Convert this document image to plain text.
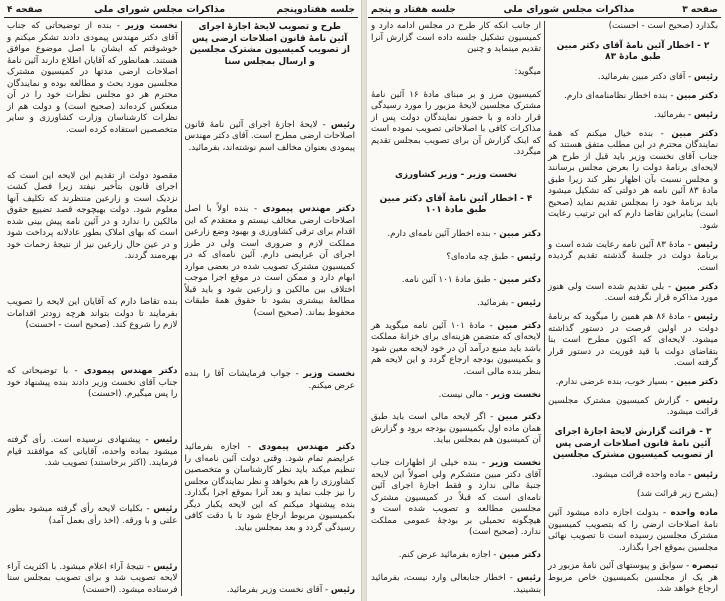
صفحه ۳
مذاکرات مجلس شورای ملی
جلسه هفتاد و پنجم

بگذارد (صحیح است - احسنت)

۲ - اخطار آئین نامهٔ آقای دکتر مبین طبق مادهٔ ۸۳

رئیس - آقای دکتر مبین بفرمائید.

دکتر مبین - بنده اخطار نظامنامه‌ای دارم.

رئیس - بفرمائید.

دکتر مبین - بنده خیال میکنم که همهٔ نمایندگان محترم در این مطلب متفق هستند که جناب آقای نخست وزیر باید قبل از طرح هر لایحه‌ای برنامهٔ دولت را بعرض مجلس برسانند و مجلس نسبت بآن اظهار نظر کند زیرا طبق مادهٔ ۸۳ آئین نامه هر دولتی که تشکیل میشود باید برنامهٔ خود را بمجلس تقدیم نماید (صحیح است) بنابراین تقاضا دارم که این ترتیب رعایت شود.

رئیس - مادهٔ ۸۳ آئین نامه رعایت شده است و برنامهٔ دولت در جلسهٔ گذشته تقدیم گردیده است.

دکتر مبین - بلی تقدیم شده است ولی هنوز مورد مذاکره قرار نگرفته است.

رئیس - مادهٔ ۸۶ هم همین را میگوید که برنامهٔ دولت در اولین فرصت در دستور گذاشته میشود. لایحه‌ای که اکنون مطرح است بنا بتقاضای دولت با قید فوریت در دستور قرار گرفته است.

دکتر مبین - بسیار خوب، بنده عرضی ندارم.

رئیس - گزارش کمیسیون مشترک مجلسین قرائت میشود.

۳ - قرائت گزارش لایحهٔ اجازهٔ اجرای آئین نامهٔ قانون اصلاحات ارضی پس از تصویب کمیسیون مشترک مجلسین

رئیس - ماده واحده قرائت میشود.

(بشرح زیر قرائت شد)

ماده واحده - بدولت اجازه داده میشود آئین نامهٔ اصلاحات ارضی را که بتصویب کمیسیون مشترک مجلسین رسیده است تا تصویب نهائی مجلسین بموقع اجرا بگذارد.

تبصره - سوابق و پیوستهای آئین نامهٔ مزبور در هر یک از مجلسین بکمیسیون خاص مربوط ارجاع خواهد شد.

از جانب آنکه کار طرح در مجلس ادامه دارد و کمیسیون تشکیل جلسه داده است گزارش آنرا تقدیم مینماید و چنین

میگوید:

کمیسیون مرز و بر مبنای مادهٔ ۱۶ آئین نامهٔ مشترک مجلسین لایحهٔ مزبور را مورد رسیدگی قرار داده و با حضور نمایندگان دولت پس از مذاکرات کافی با اصلاحاتی تصویب نموده است که اینک گزارش آن برای تصویب بمجلس تقدیم میگردد.

نخست وزیر - وزیر کشاورزی

۴ - اخطار آئین نامهٔ آقای دکتر مبین طبق مادهٔ ۱۰۱

دکتر مبین - بنده اخطار آئین نامه‌ای دارم.

رئیس - طبق چه ماده‌ای؟

دکتر مبین - طبق مادهٔ ۱۰۱ آئین نامه.

رئیس - بفرمائید.

دکتر مبین - مادهٔ ۱۰۱ آئین نامه میگوید هر لایحه‌ای که متضمن هزینه‌ای برای خزانهٔ مملکت باشد باید منبع درآمد آن در خود لایحه معین شود و بکمیسیون بودجه ارجاع گردد و این لایحه هم بنظر بنده مالی است.

نخست وزیر - مالی نیست.

دکتر مبین - اگر لایحه مالی است باید طبق همان ماده اول بکمیسیون بودجه برود و گزارش آن کمیسیون هم بمجلس بیاید.

نخست وزیر - بنده خیلی از اظهارات جناب آقای دکتر مبین متشکرم ولی اصولاً این لایحه جنبهٔ مالی ندارد و فقط اجازهٔ اجرای آئین نامه‌ای است که قبلاً در کمیسیون مشترک مجلسین مطالعه و تصویب شده است و هیچگونه تحمیلی بر بودجهٔ عمومی مملکت ندارد. (صحیح است)

دکتر مبین - اجازه بفرمائید عرض کنم.

رئیس - اخطار جنابعالی وارد نیست، بفرمائید بنشینید.

جلسه هفتادوپنجم
مذاکرات مجلس شورای ملی
صفحه ۴
طرح و تصویب لایحهٔ اجازهٔ اجرای آئین نامهٔ قانون اصلاحات ارضی پس از تصویب کمیسیون مشترک مجلسین و ارسال بمجلس سنا

رئیس - لایحهٔ اجازهٔ اجرای آئین نامهٔ قانون اصلاحات ارضی مطرح است. آقای دکتر مهندس پیمودی بعنوان مخالف اسم نوشته‌اند، بفرمائید.

دکتر مهندس پیمودی - بنده اولاً با اصل اصلاحات ارضی مخالف نیستم و معتقدم که این اقدام برای ترقی کشاورزی و بهبود وضع زارعین مملکت لازم و ضروری است ولی در طرز اجرای آن عرایضی دارم. آئین نامه‌ای که در کمیسیون مشترک تصویب شده در بعضی موارد ابهام دارد و ممکن است در موقع اجرا موجب اختلاف بین مالکین و زارعین شود و باید قبلاً مطالعهٔ بیشتری بشود تا حقوق همهٔ طبقات محفوظ بماند. (صحیح است)

نخست وزیر - جواب فرمایشات آقا را بنده عرض میکنم.

دکتر مهندس پیمودی - اجازه بفرمائید عرایضم تمام شود. وقتی دولت آئین نامه‌ای را تنظیم میکند باید نظر کارشناسان و متخصصین کشاورزی را هم بخواهد و نظر نمایندگان مجلس را نیز جلب نماید و بعد آنرا بموقع اجرا بگذارد. بنده پیشنهاد میکنم که این لایحه یکبار دیگر بکمیسیون مربوط ارجاع شود تا با دقت کافی رسیدگی گردد و بعد بمجلس بیاید.

رئیس - آقای نخست وزیر بفرمائید.

نخست وزیر - بنده از توضیحاتی که جناب آقای دکتر مهندس پیمودی دادند تشکر میکنم و خوشوقتم که ایشان با اصل موضوع موافق هستند. همانطور که آقایان اطلاع دارند آئین نامهٔ اصلاحات ارضی مدتها در کمیسیون مشترک مجلسین مورد بحث و مطالعه بوده و نمایندگان محترم هر دو مجلس نظرات خود را در آن منعکس کرده‌اند (صحیح است) و دولت هم از نظرات کارشناسان وزارت کشاورزی و سایر متخصصین استفاده کرده است.

مقصود دولت از تقدیم این لایحه این است که اجرای قانون بتأخیر نیفتد زیرا فصل کشت نزدیک است و زارعین منتظرند که تکلیف آنها معلوم شود. دولت بهیچوجه قصد تضییع حقوق مالکین را ندارد و در آئین نامه پیش بینی شده است که بهای املاک بطور عادلانه پرداخت شود و در عین حال زارعین نیز از نتیجهٔ زحمات خود بهره‌مند گردند.

بنده تقاضا دارم که آقایان این لایحه را تصویب بفرمایند تا دولت بتواند هرچه زودتر اقدامات لازم را شروع کند. (صحیح است - احسنت)

دکتر مهندس پیمودی - با توضیحاتی که جناب آقای نخست وزیر دادند بنده پیشنهاد خود را پس میگیرم. (احسنت)

رئیس - پیشنهادی نرسیده است. رأی گرفته میشود بماده واحده، آقایانی که موافقند قیام فرمایند. (اکثر برخاستند) تصویب شد.

رئیس - بکلیات لایحه رأی گرفته میشود بطور علنی و با ورقه. (اخذ رأی بعمل آمد)

رئیس - نتیجهٔ آراء اعلام میشود. با اکثریت آراء لایحه تصویب شد و برای تصویب بمجلس سنا فرستاده میشود. (احسنت)
